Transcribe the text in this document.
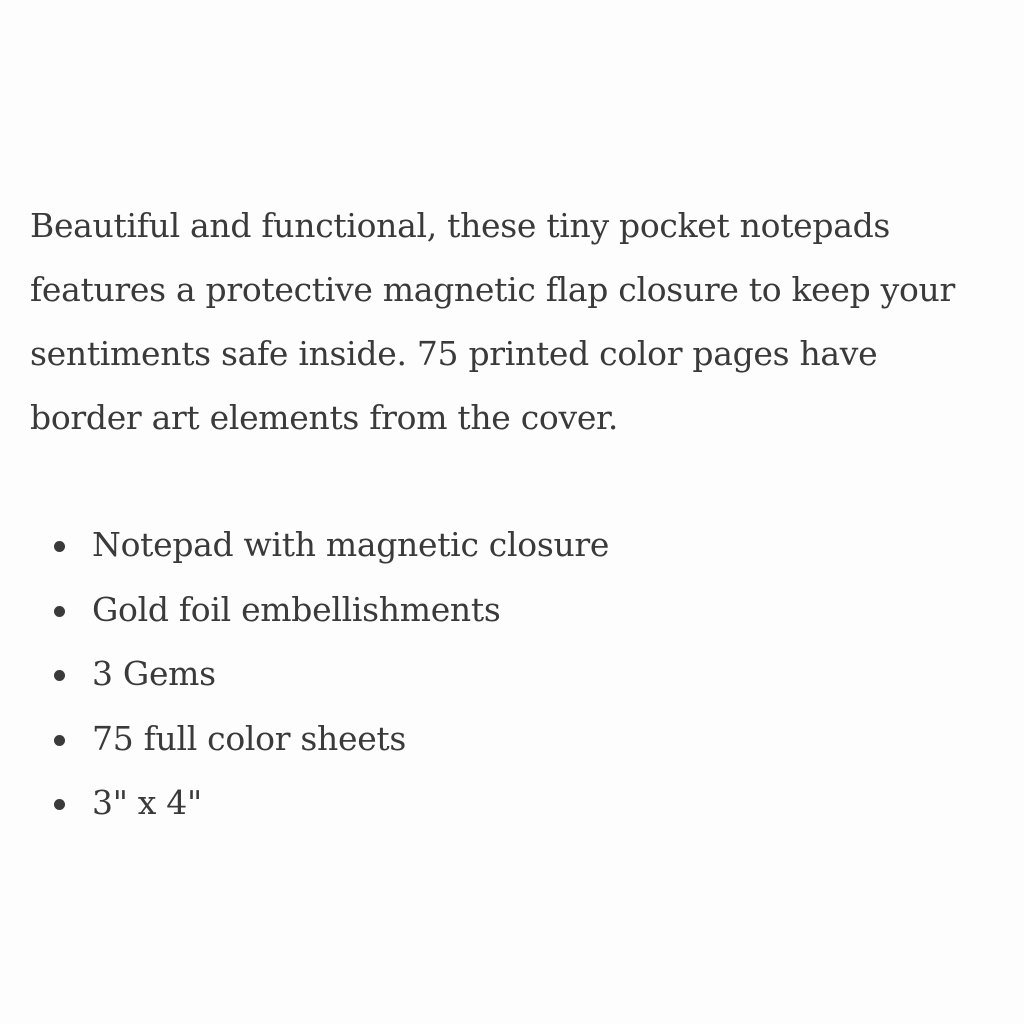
Beautiful and functional, these tiny pocket notepads
features a protective magnetic flap closure to keep your
sentiments safe inside. 75 printed color pages have
border art elements from the cover.

Notepad with magnetic closure
Gold foil embellishments
3 Gems
75 full color sheets
3" x 4"
